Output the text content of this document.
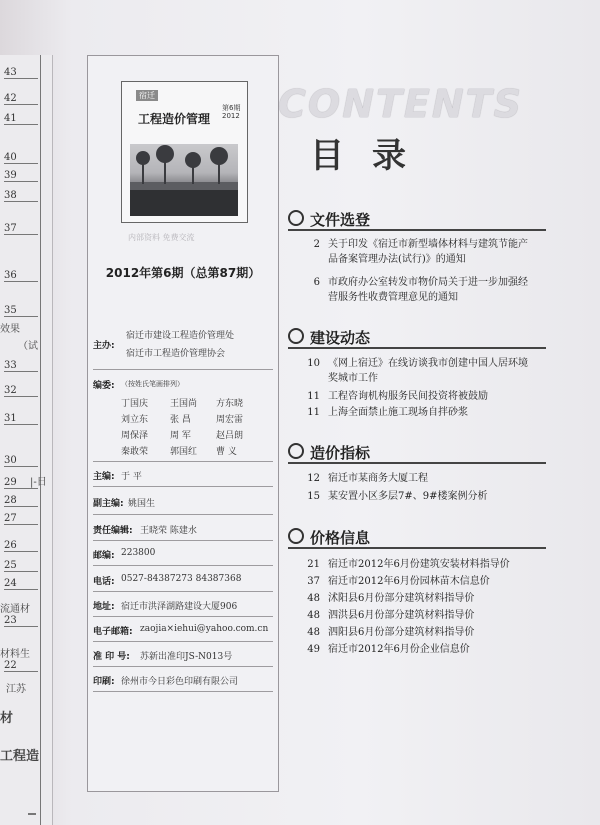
43
42
41
40
39
38
37
36
35
效果
（试
33
32
31
30
|-日
29
28
27
26
25
24
流通材
23
材料生
22
江苏
材
工程造
宿迁
工程造价管理
第6期 2012
内部资料 免费交流
2012年第6期（总第87期）
主办:
宿迁市建设工程造价管理处
宿迁市工程造价管理协会
编委: （按姓氏笔画排列）
丁国庆 王国尚 方东晓
刘立东 张 昌	周宏雷
周保泽 周 军	赵吕朗
秦敢荣 郭国红 曹 义
主编: 于 平
副主编: 姚国生
责任编辑: 王晓荣 陈建水
邮编: 223800
电话: 0527-84387273 84387368
地址: 宿迁市洪泽湖路建设大厦906
电子邮箱: zaojia×iehui@yahoo.com.cn
准 印 号: 苏新出准印JS-N013号
印刷: 徐州市今日彩色印刷有限公司
CONTENTS
目录
文件选登
2 关于印发《宿迁市新型墙体材料与建筑节能产
品备案管理办法(试行)》的通知
6 市政府办公室转发市物价局关于进一步加强经
营服务性收费管理意见的通知
建设动态
10 《网上宿迁》在线访谈我市创建中国人居环境
奖城市工作
11 工程咨询机构服务民间投资将被鼓励
11 上海全面禁止施工现场自拌砂浆
造价指标
12 宿迁市某商务大厦工程
15 某安置小区多层7#、9#楼案例分析
价格信息
21 宿迁市2012年6月份建筑安装材料指导价
37 宿迁市2012年6月份园林苗木信息价
48 沭阳县6月份部分建筑材料指导价
48 泗洪县6月份部分建筑材料指导价
48 泗阳县6月份部分建筑材料指导价
49 宿迁市2012年6月份企业信息价
